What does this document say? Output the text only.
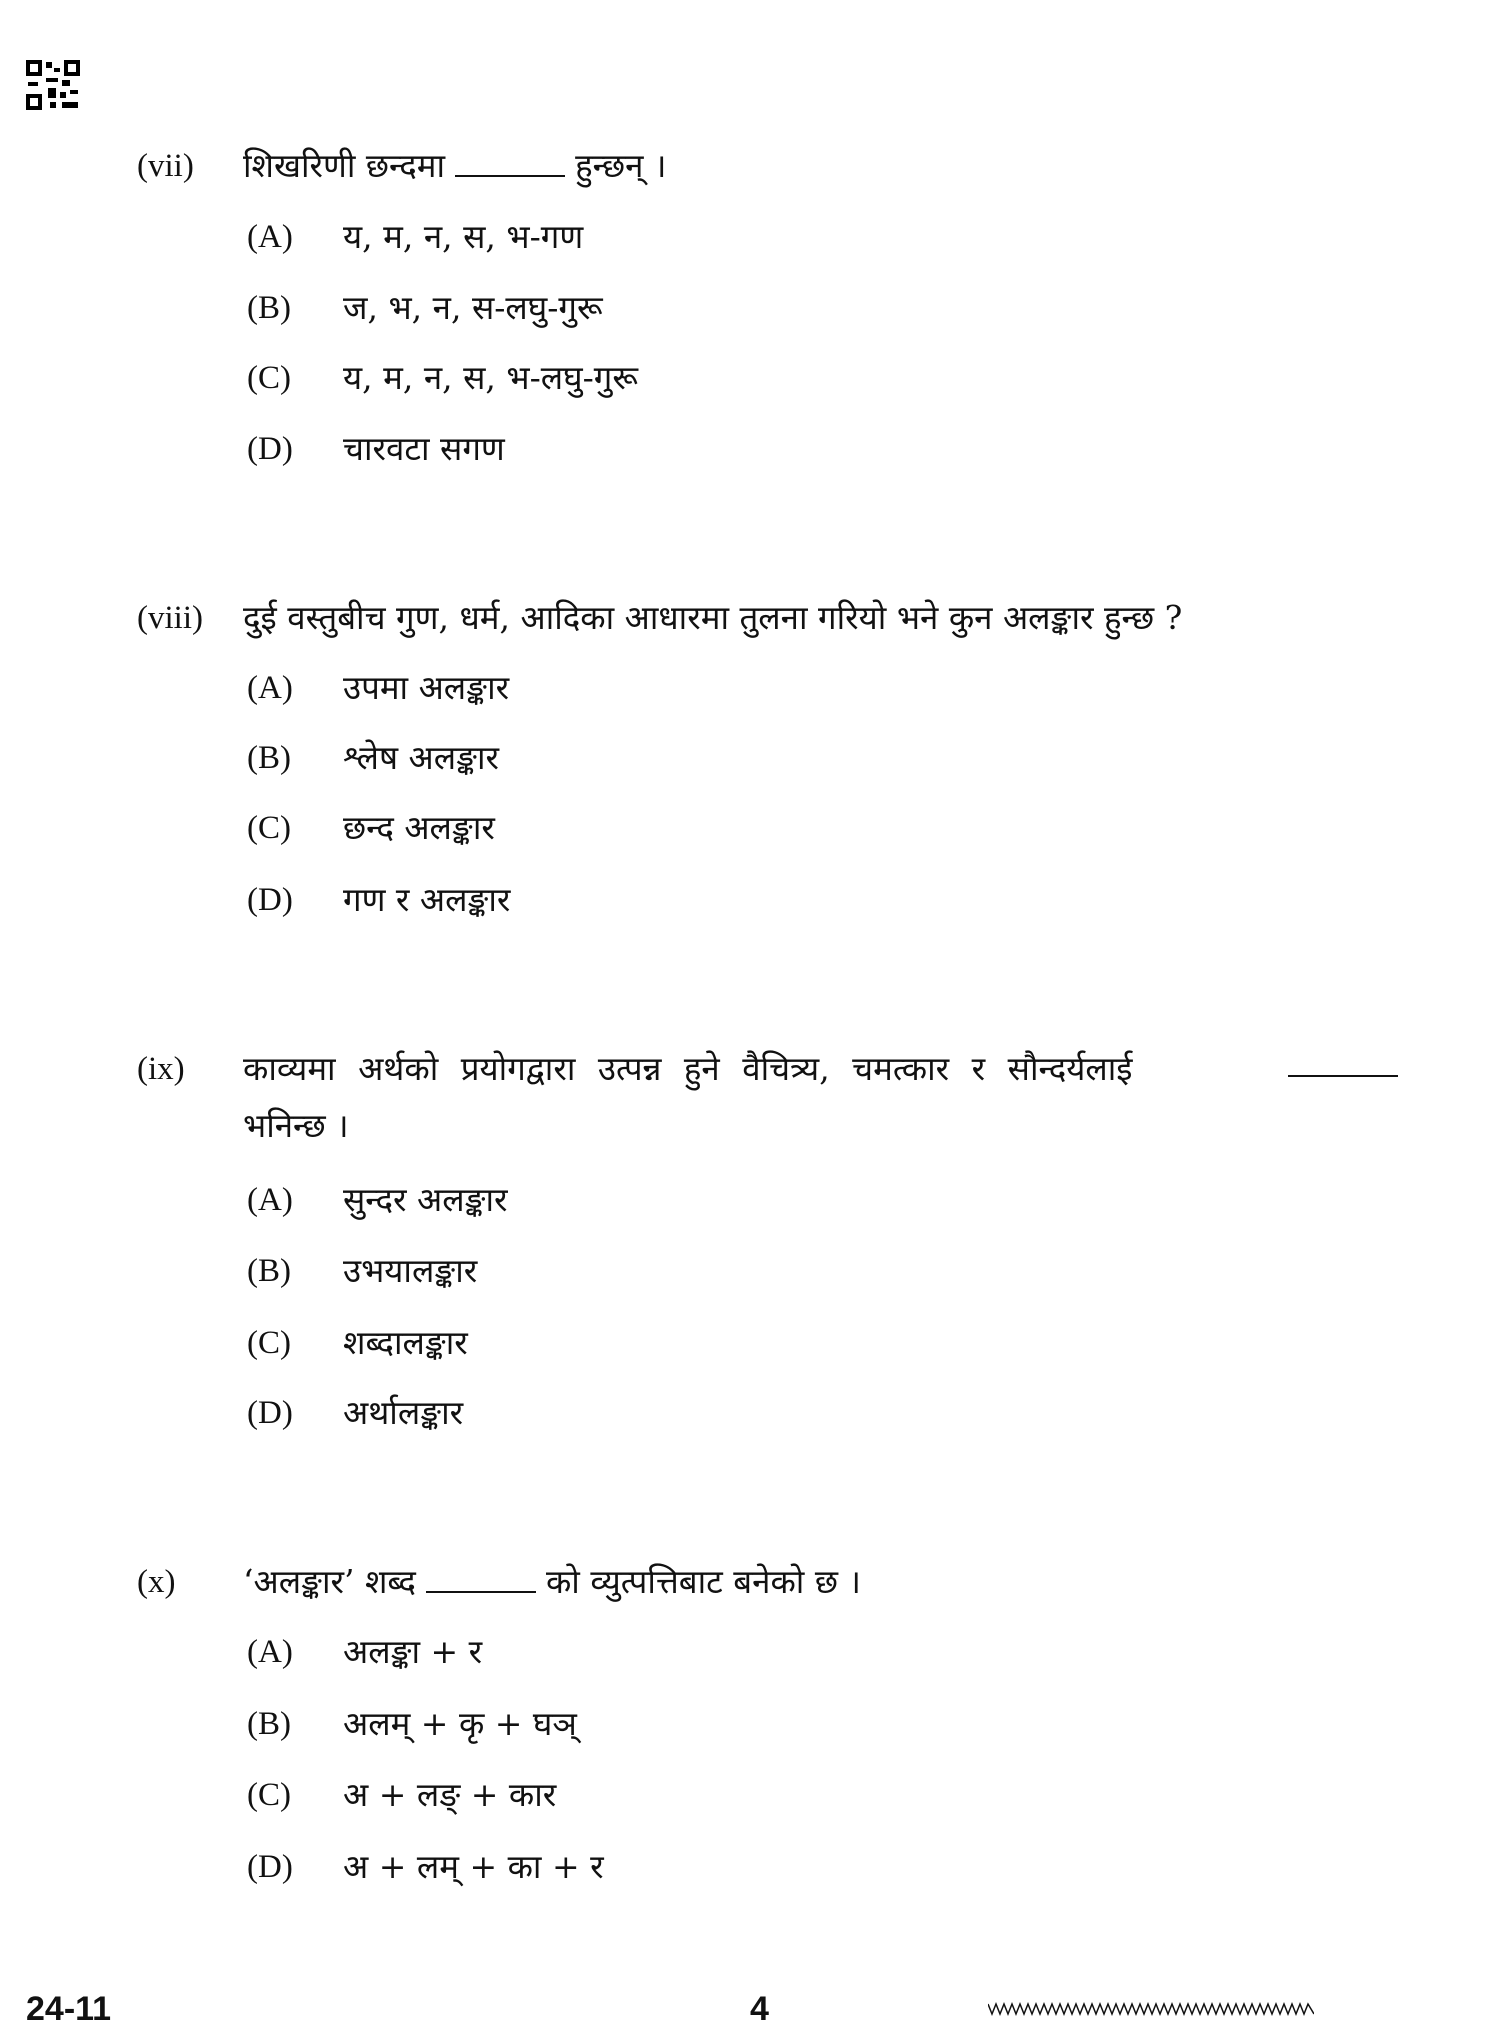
(vii) शिखरिणी छन्दमा	हुन्छन् ।
(A) य, म, न, स, भ-गण
(B) ज, भ, न, स-लघु-गुरू
(C) य, म, न, स, भ-लघु-गुरू
(D) चारवटा सगण
(viii) दुई वस्तुबीच गुण, धर्म, आदिका आधारमा तुलना गरियो भने कुन अलङ्कार हुन्छ ?
(A) उपमा अलङ्कार
(B) श्लेष अलङ्कार
(C) छन्द अलङ्कार
(D) गण र अलङ्कार
(ix) काव्यमा अर्थको प्रयोगद्वारा उत्पन्न हुने वैचित्र्य, चमत्कार र सौन्दर्यलाई
भनिन्छ ।
(A) सुन्दर अलङ्कार
(B) उभयालङ्कार
(C) शब्दालङ्कार
(D) अर्थालङ्कार
(x) ‘अलङ्कार’ शब्द	को व्युत्पत्तिबाट बनेको छ ।
(A) अलङ्का + र
(B) अलम् + कृ + घञ्
(C) अ + लङ् + कार
(D) अ + लम् + का + र
24-11	4
